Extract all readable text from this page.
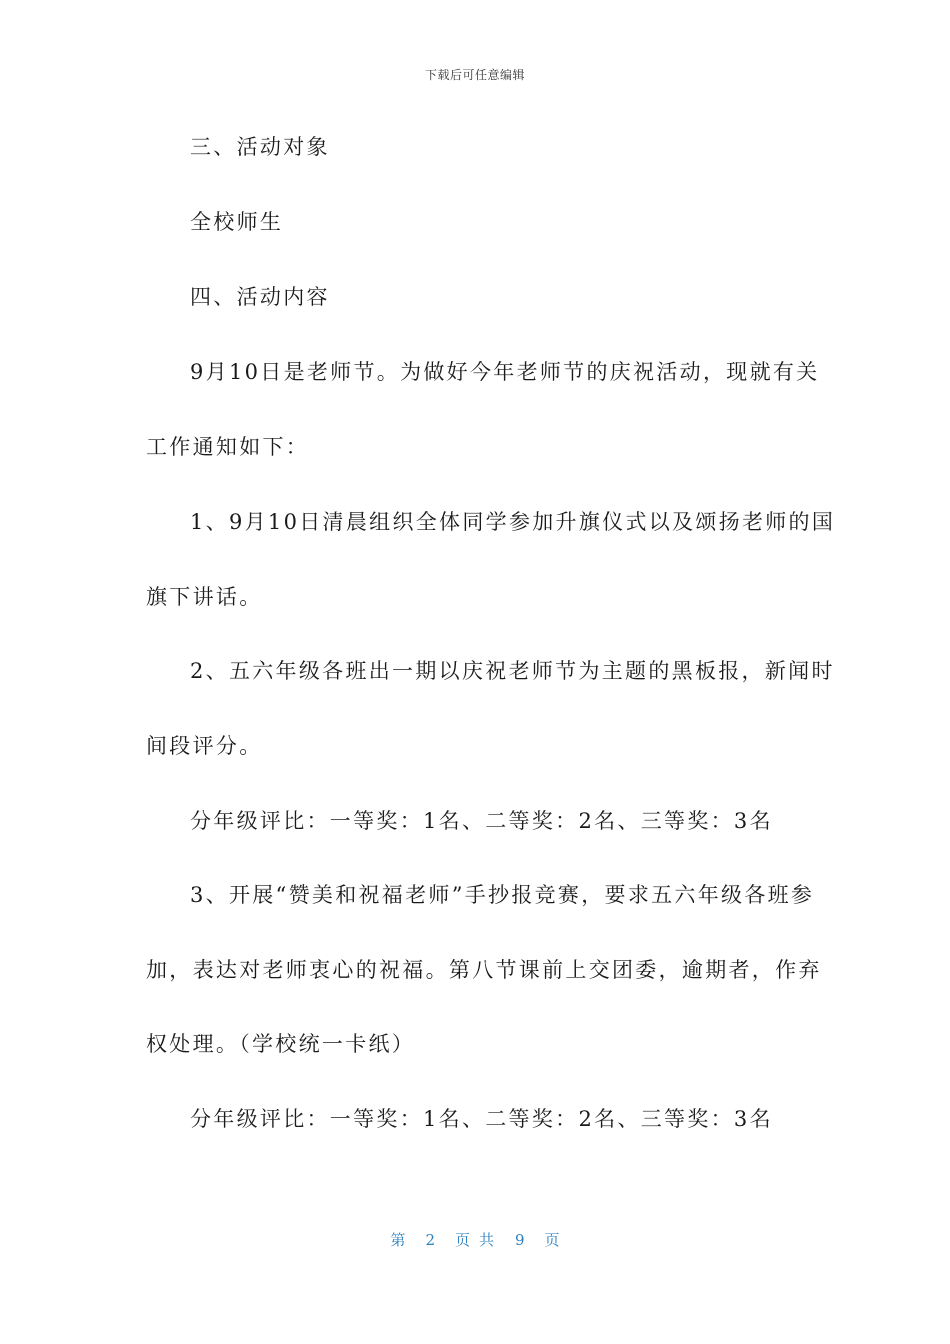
下载后可任意编辑
三、活动对象
全校师生
四、活动内容
9月10日是老师节。为做好今年老师节的庆祝活动，现就有关
工作通知如下：
1、9月10日清晨组织全体同学参加升旗仪式以及颂扬老师的国
旗下讲话。
2、五六年级各班出一期以庆祝老师节为主题的黑板报，新闻时
间段评分。
分年级评比：一等奖：1名、二等奖：2名、三等奖：3名
3、开展“赞美和祝福老师”手抄报竞赛，要求五六年级各班参
加，表达对老师衷心的祝福。第八节课前上交团委，逾期者，作弃
权处理。（学校统一卡纸）
分年级评比：一等奖：1名、二等奖：2名、三等奖：3名
第 2 页共 9 页
